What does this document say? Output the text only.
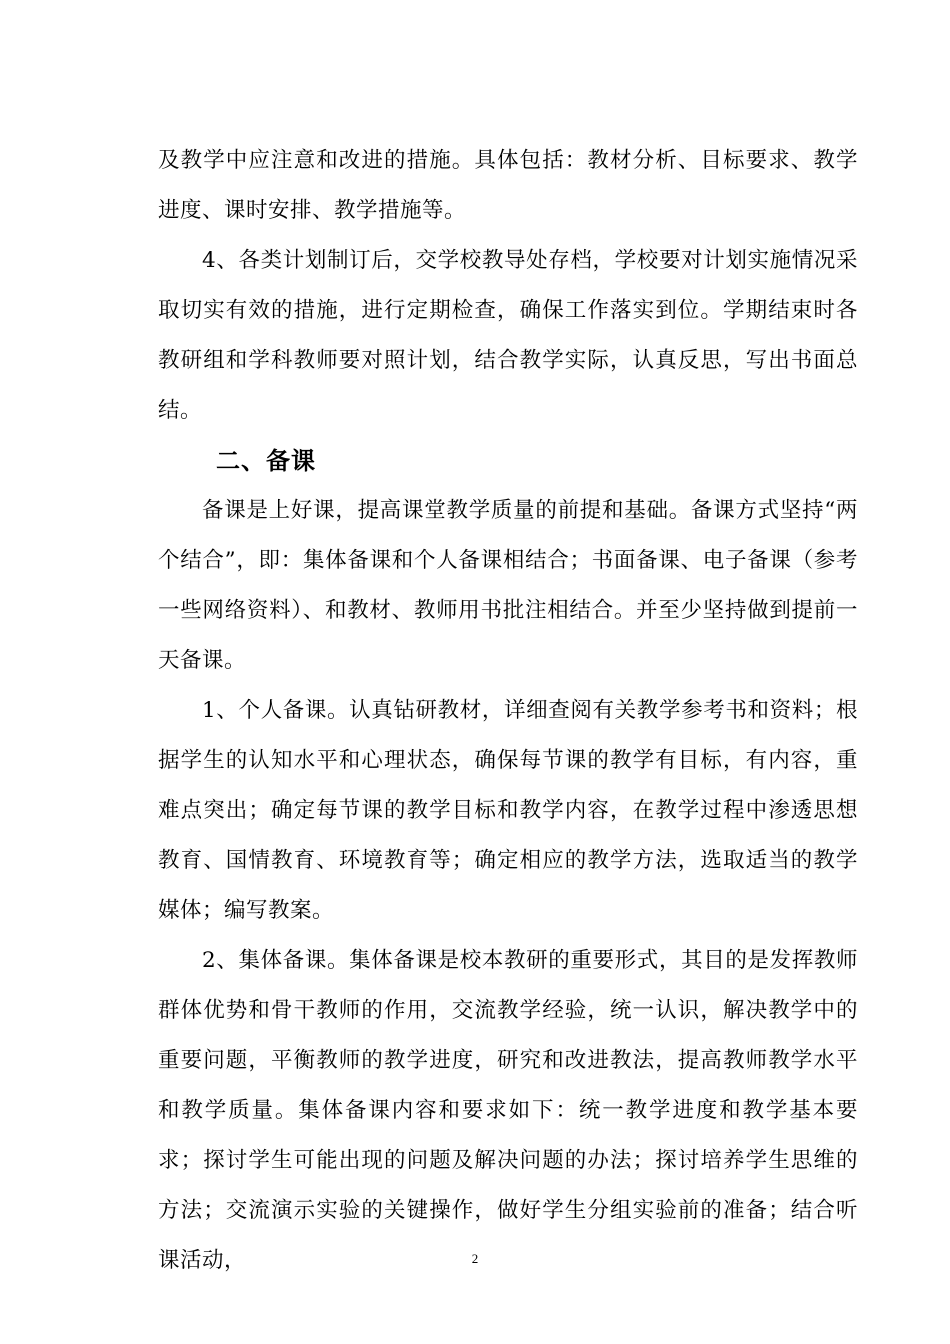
及教学中应注意和改进的措施。具体包括：教材分析、目标要求、教学进度、课时安排、教学措施等。

4、各类计划制订后，交学校教导处存档，学校要对计划实施情况采取切实有效的措施，进行定期检查，确保工作落实到位。学期结束时各教研组和学科教师要对照计划，结合教学实际，认真反思，写出书面总结。

二、备课

备课是上好课，提高课堂教学质量的前提和基础。备课方式坚持“两个结合”，即：集体备课和个人备课相结合；书面备课、电子备课（参考一些网络资料）、和教材、教师用书批注相结合。并至少坚持做到提前一天备课。

1、个人备课。认真钻研教材，详细查阅有关教学参考书和资料；根据学生的认知水平和心理状态，确保每节课的教学有目标，有内容，重难点突出；确定每节课的教学目标和教学内容，在教学过程中渗透思想教育、国情教育、环境教育等；确定相应的教学方法，选取适当的教学媒体；编写教案。

2、集体备课。集体备课是校本教研的重要形式，其目的是发挥教师群体优势和骨干教师的作用，交流教学经验，统一认识，解决教学中的重要问题，平衡教师的教学进度，研究和改进教法，提高教师教学水平和教学质量。集体备课内容和要求如下：统一教学进度和教学基本要求；探讨学生可能出现的问题及解决问题的办法；探讨培养学生思维的方法；交流演示实验的关键操作，做好学生分组实验前的准备；结合听课活动，	2
